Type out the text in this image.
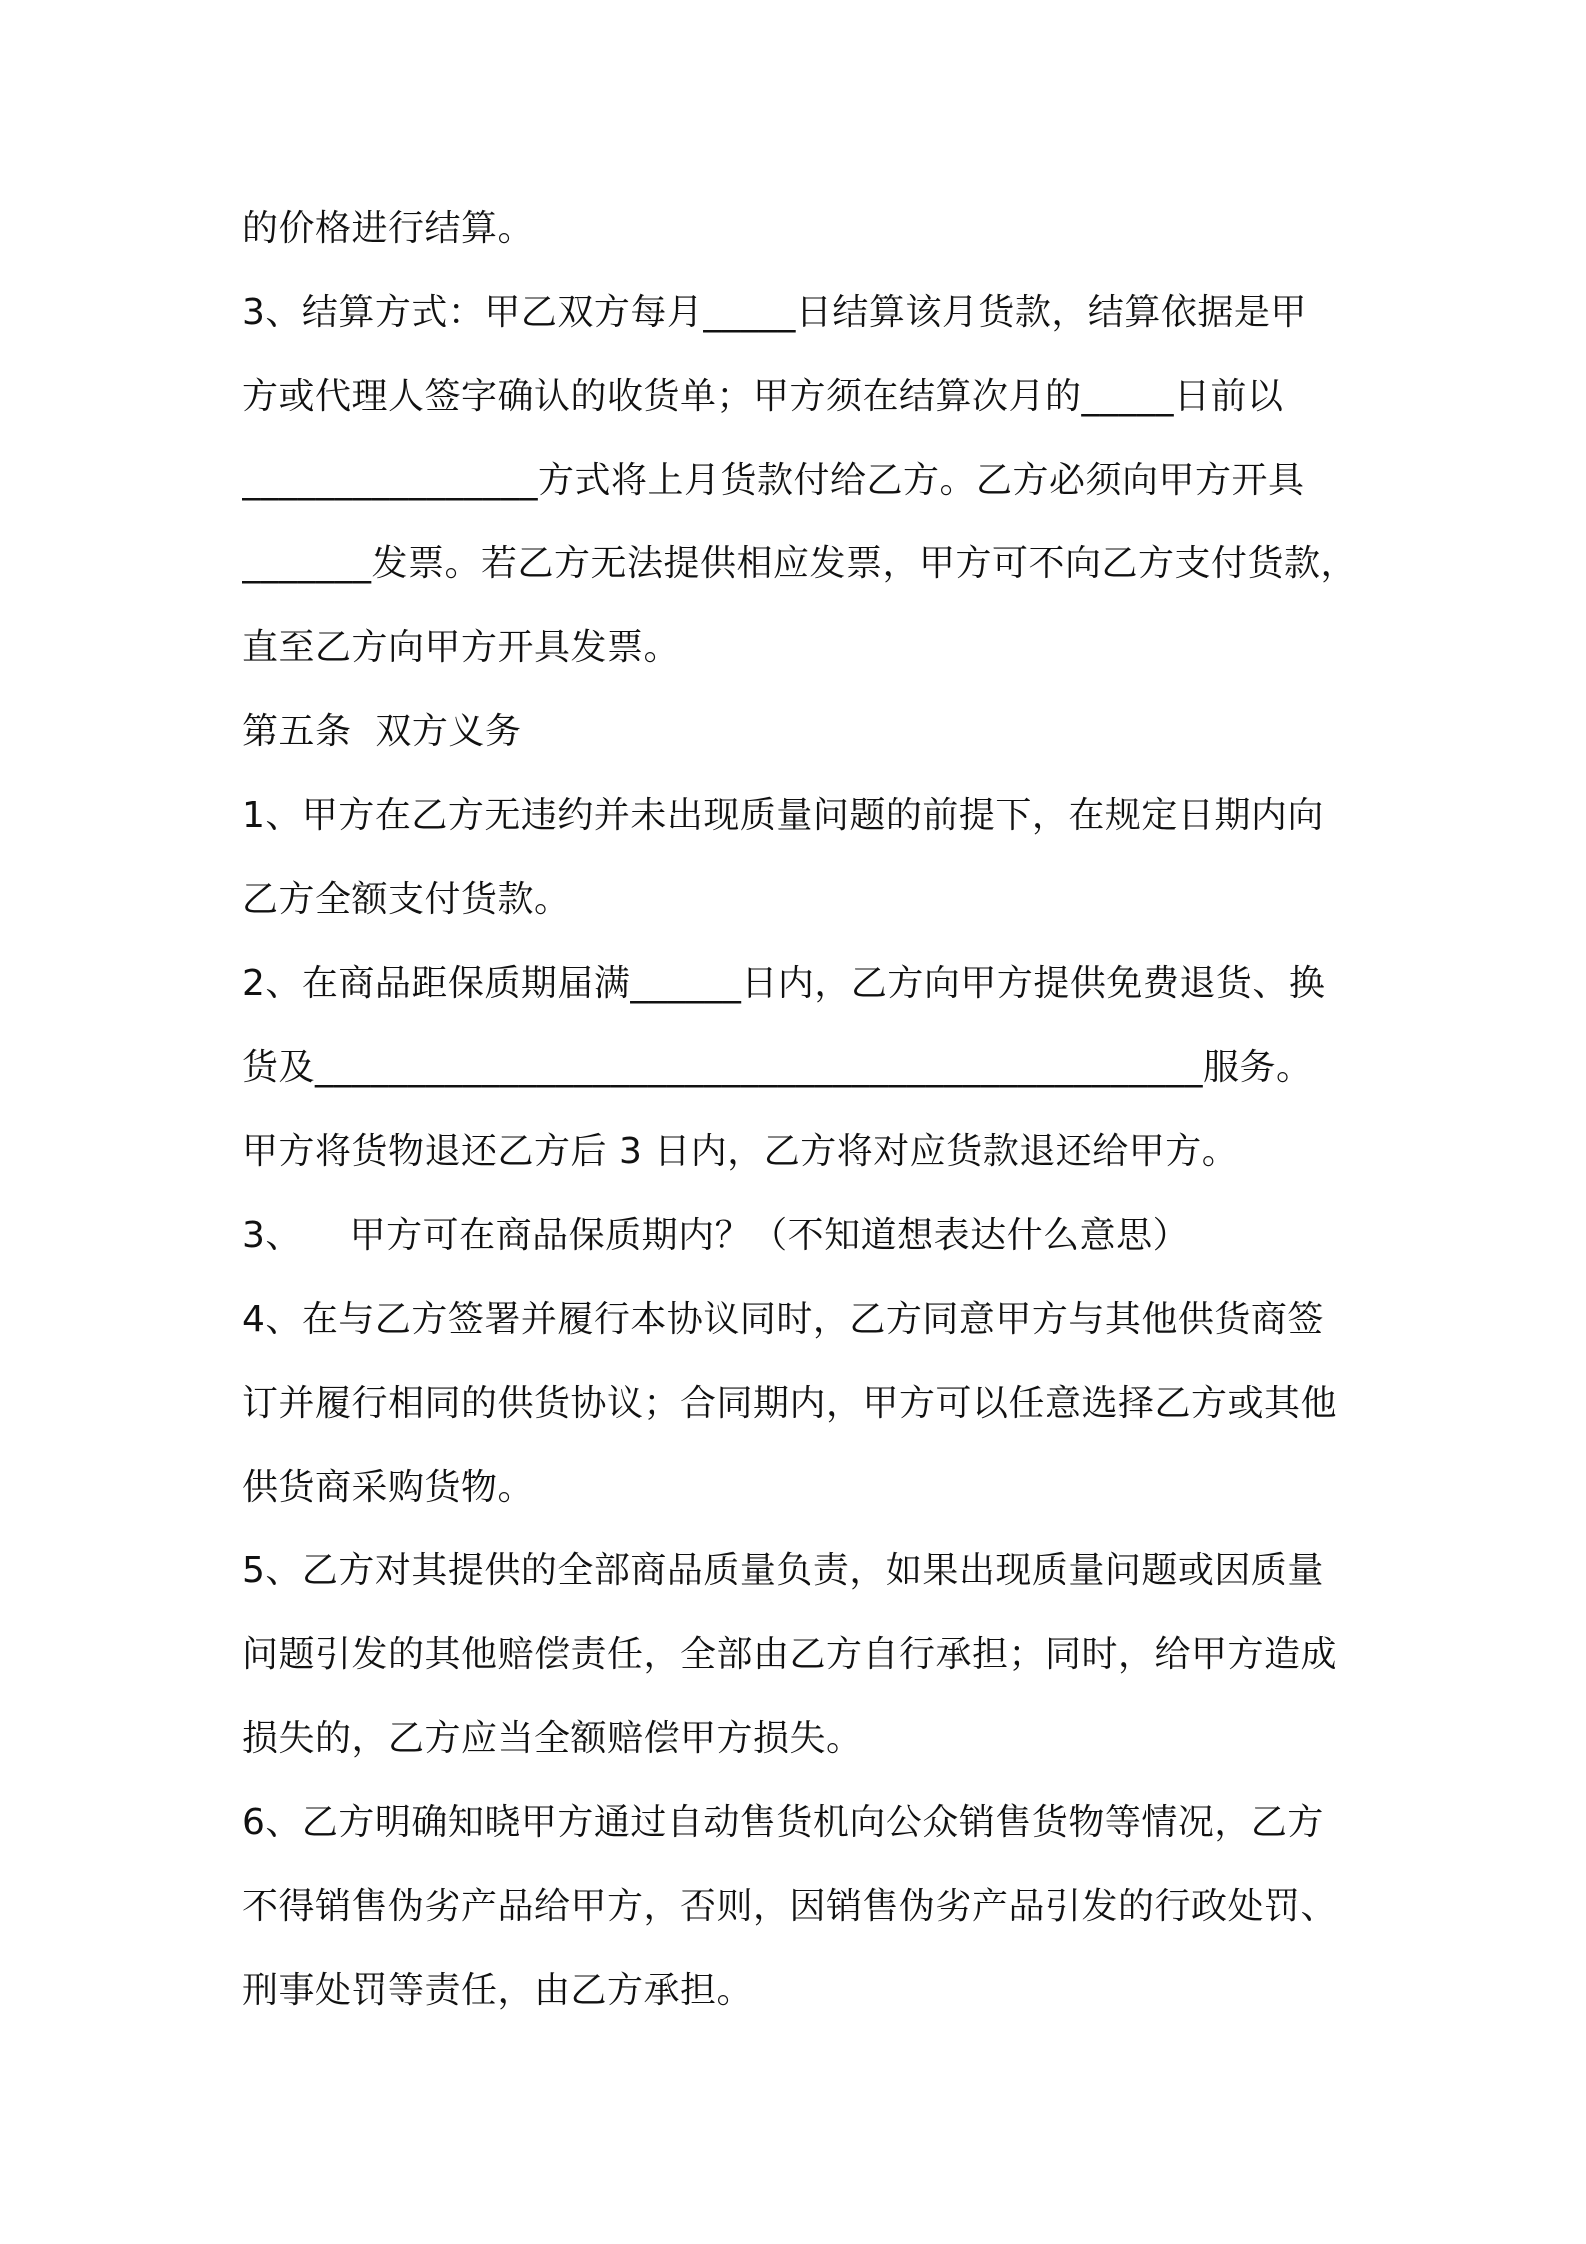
的价格进行结算。
3、结算方式：甲乙双方每月_____日结算该月货款，结算依据是甲
方或代理人签字确认的收货单；甲方须在结算次月的_____日前以
________________方式将上月货款付给乙方。乙方必须向甲方开具
_______发票。若乙方无法提供相应发票，甲方可不向乙方支付货款，
直至乙方向甲方开具发票。
第五条  双方义务
1、甲方在乙方无违约并未出现质量问题的前提下，在规定日期内向
乙方全额支付货款。
2、在商品距保质期届满______日内，乙方向甲方提供免费退货、换
货及________________________________________________服务。
甲方将货物退还乙方后 3 日内，乙方将对应货款退还给甲方。
3、    甲方可在商品保质期内？（不知道想表达什么意思）
4、在与乙方签署并履行本协议同时，乙方同意甲方与其他供货商签
订并履行相同的供货协议；合同期内，甲方可以任意选择乙方或其他
供货商采购货物。
5、乙方对其提供的全部商品质量负责，如果出现质量问题或因质量
问题引发的其他赔偿责任，全部由乙方自行承担；同时，给甲方造成
损失的，乙方应当全额赔偿甲方损失。
6、乙方明确知晓甲方通过自动售货机向公众销售货物等情况，乙方
不得销售伪劣产品给甲方，否则，因销售伪劣产品引发的行政处罚、
刑事处罚等责任，由乙方承担。
